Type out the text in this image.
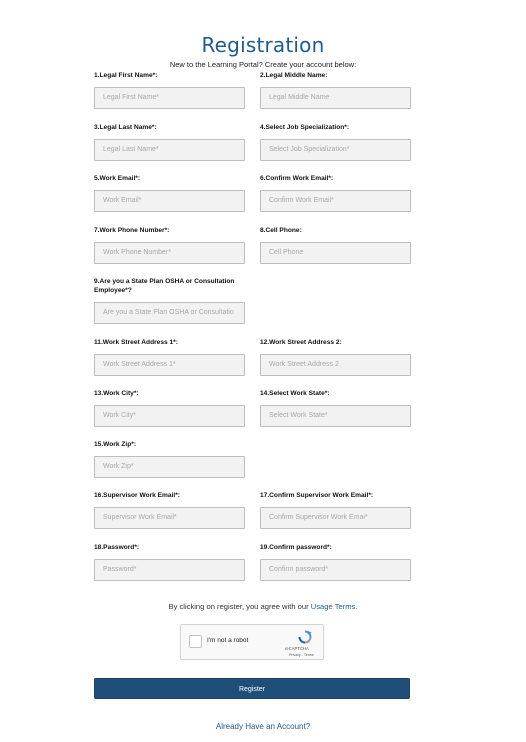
Registration
New to the Learning Portal? Create your account below:
1.Legal First Name*:
Legal First Name*
2.Legal Middle Name:
Legal Middle Name
3.Legal Last Name*:
Legal Last Name*
4.Select Job Specialization*:
Select Job Specialization*
5.Work Email*:
Work Email*
6.Confirm Work Email*:
Confirm Work Email*
7.Work Phone Number*:
Work Phone Number*
8.Cell Phone:
Cell Phone
9.Are you a State Plan OSHA or Consultation
Employee*?
Are you a State Plan OSHA or Consultatio
11.Work Street Address 1*:
Work Street Address 1*
12.Work Street Address 2:
Work Street Address 2
13.Work City*:
Work City*
14.Select Work State*:
Select Work State*
15.Work Zip*:
Work Zip*
16.Supervisor Work Email*:
Supervisor Work Email*
17.Confirm Supervisor Work Email*:
Confirm Supervisor Work Emai*
18.Password*:
Password*
19.Confirm password*:
Confirm password*
By clicking on register, you agree with our Usage Terms.
I'm not a robot
reCAPTCHA
Privacy - Terms
Register
Already Have an Account?
